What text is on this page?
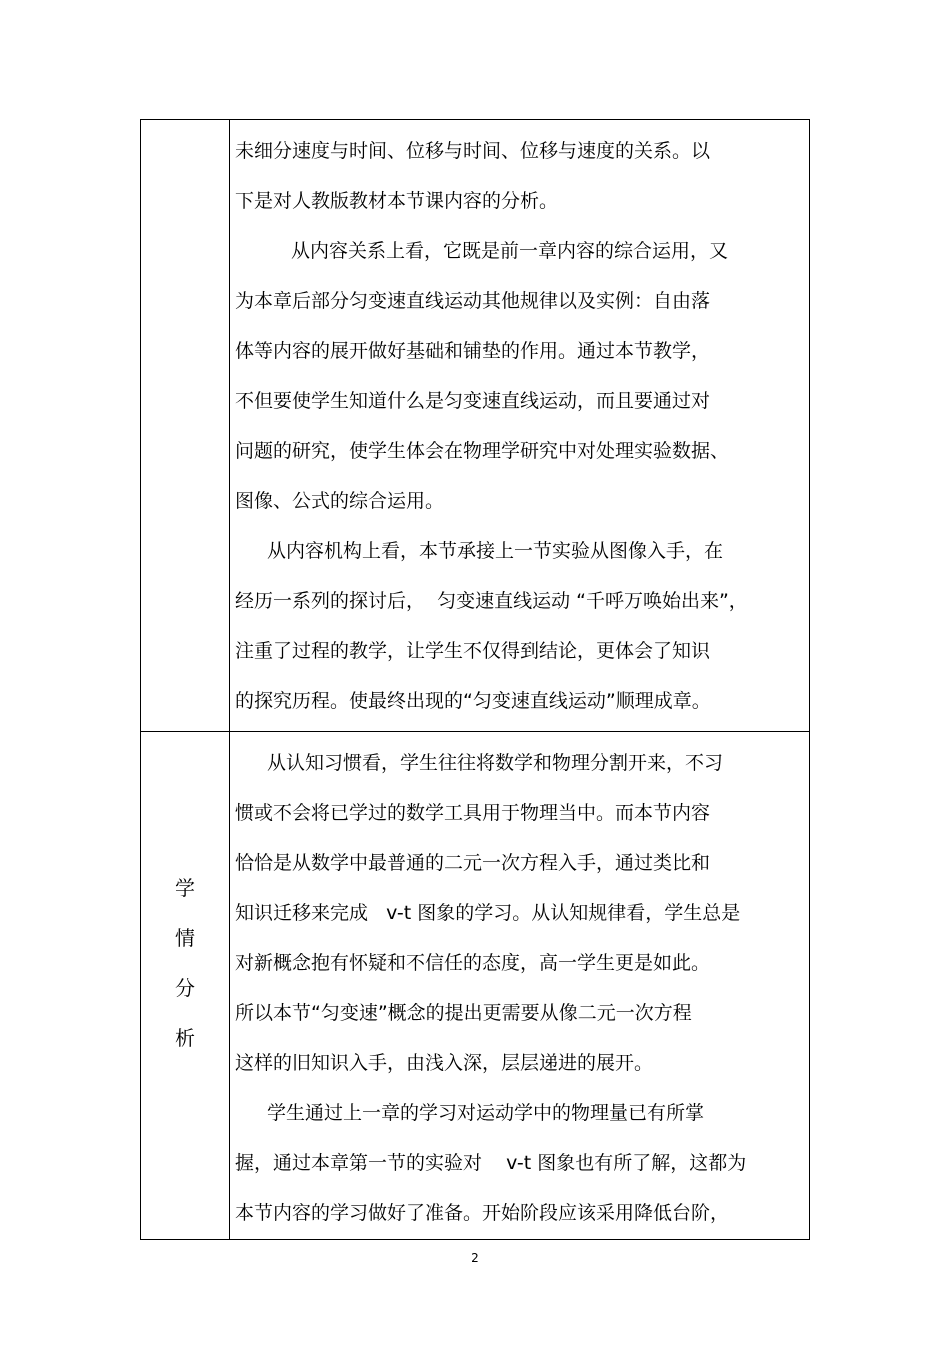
未细分速度与时间、位移与时间、位移与速度的关系。以
下是对人教版教材本节课内容的分析。
从内容关系上看，它既是前一章内容的综合运用，又
为本章后部分匀变速直线运动其他规律以及实例：自由落
体等内容的展开做好基础和铺垫的作用。通过本节教学，
不但要使学生知道什么是匀变速直线运动，而且要通过对
问题的研究，使学生体会在物理学研究中对处理实验数据、
图像、公式的综合运用。
从内容机构上看，本节承接上一节实验从图像入手，在
经历一系列的探讨后，  匀变速直线运动 “千呼万唤始出来”，
注重了过程的教学，让学生不仅得到结论，更体会了知识
的探究历程。使最终出现的“匀变速直线运动”顺理成章。
学
情
分
析
从认知习惯看，学生往往将数学和物理分割开来，不习
惯或不会将已学过的数学工具用于物理当中。而本节内容
恰恰是从数学中最普通的二元一次方程入手，通过类比和
知识迁移来完成   v-t 图象的学习。从认知规律看，学生总是
对新概念抱有怀疑和不信任的态度，高一学生更是如此。
所以本节“匀变速”概念的提出更需要从像二元一次方程
这样的旧知识入手，由浅入深，层层递进的展开。
学生通过上一章的学习对运动学中的物理量已有所掌
握，通过本章第一节的实验对    v-t 图象也有所了解，这都为
本节内容的学习做好了准备。开始阶段应该采用降低台阶，
2
